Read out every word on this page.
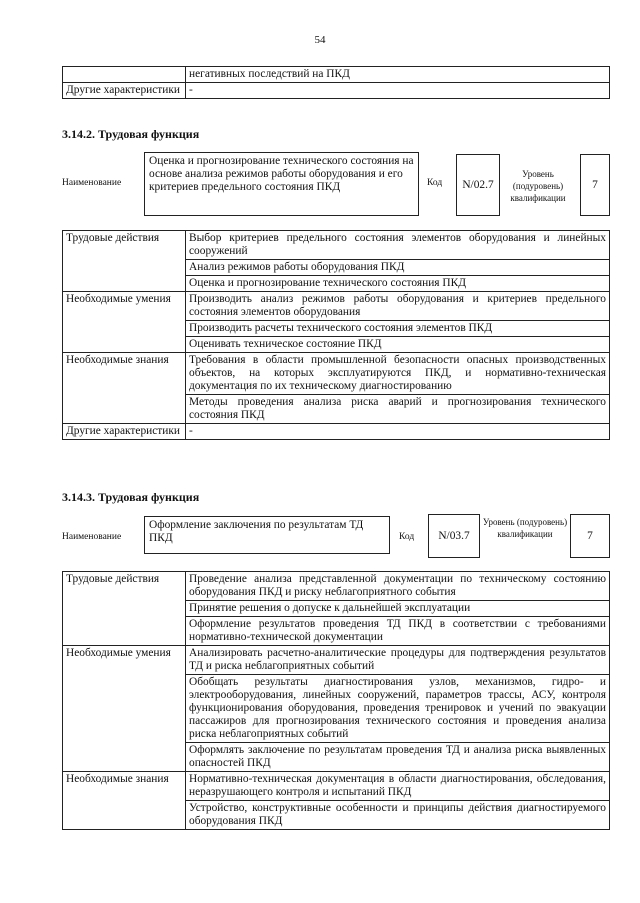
54
	негативных последствий на ПКД
Другие характеристики	-
3.14.2. Трудовая функция
Наименование
Оценка и прогнозирование технического состояния на основе анализа режимов работы оборудования и его критериев предельного состояния ПКД	Код	N/02.7
Уровень (подуровень) квалификации
7
Трудовые действия	Выбор критериев предельного состояния элементов оборудования и линейных сооружений
	Анализ режимов работы оборудования ПКД
	Оценка и прогнозирование технического состояния ПКД
Необходимые умения	Производить анализ режимов работы оборудования и критериев предельного состояния элементов оборудования
	Производить расчеты технического состояния элементов ПКД
	Оценивать техническое состояние ПКД
Необходимые знания	Требования в области промышленной безопасности опасных производственных объектов, на которых эксплуатируются ПКД, и нормативно-техническая документация по их техническому диагностированию
	Методы проведения анализа риска аварий и прогнозирования технического состояния ПКД
Другие характеристики	-
3.14.3. Трудовая функция
Наименование
Оформление заключения по результатам ТД ПКД	Код	N/03.7
Уровень (подуровень) квалификации	7
Трудовые действия	Проведение анализа представленной документации по техническому состоянию оборудования ПКД и риску неблагоприятного события
	Принятие решения о допуске к дальнейшей эксплуатации
	Оформление результатов проведения ТД ПКД в соответствии с требованиями нормативно-технической документации
Необходимые умения	Анализировать расчетно-аналитические процедуры для подтверждения результатов ТД и риска неблагоприятных событий
	Обобщать результаты диагностирования узлов, механизмов, гидро- и электрооборудования, линейных сооружений, параметров трассы, АСУ, контроля функционирования оборудования, проведения тренировок и учений по эвакуации пассажиров для прогнозирования технического состояния и проведения анализа риска неблагоприятных событий
	Оформлять заключение по результатам проведения ТД и анализа риска выявленных опасностей ПКД
Необходимые знания	Нормативно-техническая документация в области диагностирования, обследования, неразрушающего контроля и испытаний ПКД
	Устройство, конструктивные особенности и принципы действия диагностируемого оборудования ПКД
